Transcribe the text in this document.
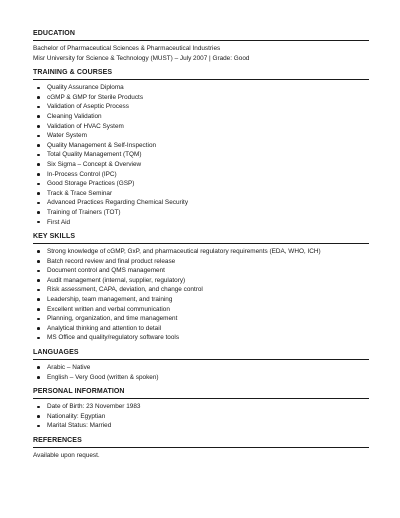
EDUCATION
Bachelor of Pharmaceutical Sciences & Pharmaceutical Industries
Misr University for Science & Technology (MUST) – July 2007 | Grade: Good
TRAINING & COURSES
Quality Assurance Diploma
cGMP & GMP for Sterile Products
Validation of Aseptic Process
Cleaning Validation
Validation of HVAC System
Water System
Quality Management & Self-Inspection
Total Quality Management (TQM)
Six Sigma – Concept & Overview
In-Process Control (IPC)
Good Storage Practices (GSP)
Track & Trace Seminar
Advanced Practices Regarding Chemical Security
Training of Trainers (TOT)
First Aid
KEY SKILLS
Strong knowledge of cGMP, GxP, and pharmaceutical regulatory requirements (EDA, WHO, ICH)
Batch record review and final product release
Document control and QMS management
Audit management (internal, supplier, regulatory)
Risk assessment, CAPA, deviation, and change control
Leadership, team management, and training
Excellent written and verbal communication
Planning, organization, and time management
Analytical thinking and attention to detail
MS Office and quality/regulatory software tools
LANGUAGES
Arabic – Native
English – Very Good (written & spoken)
PERSONAL INFORMATION
Date of Birth: 23 November 1983
Nationality: Egyptian
Marital Status: Married
REFERENCES
Available upon request.
